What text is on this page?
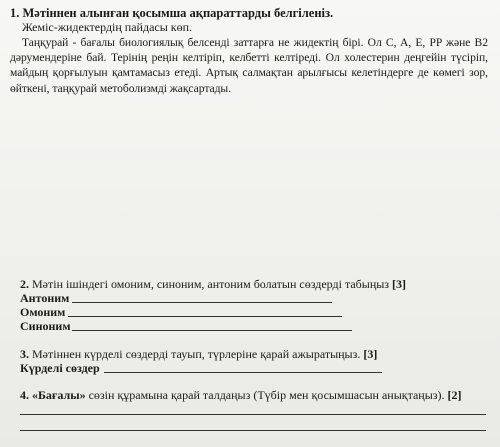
1. Мәтіннен алынған қосымша ақпараттарды белгіленіз.
Жеміс-жидектердің пайдасы көп.
Таңқурай - бағалы биологиялық белсенді заттарға не жидектің бірі. Ол C, A, E, PP және B2 дәрумендеріне бай. Терінің реңін келтіріп, келбетті келтіреді. Ол холестерин деңгейін түсіріп, майдың қорғылуын қамтамасыз етеді. Артық салмақтан арылғысы келетіндерге де көмегі зор, өйткені, таңқурай метоболизмді жақсартады.
2. Мәтін ішіндегі омоним, синоним, антоним болатын сөздерді табыңыз [3]
Антоним
Омоним
Синоним
3. Мәтіннен күрделі сөздерді тауып, түрлеріне қарай ажыратыңыз. [3]
Күрделі сөздер
4. «Бағалы» сөзін құрамына қарай талдаңыз (Түбір мен қосымшасын анықтаңыз). [2]
